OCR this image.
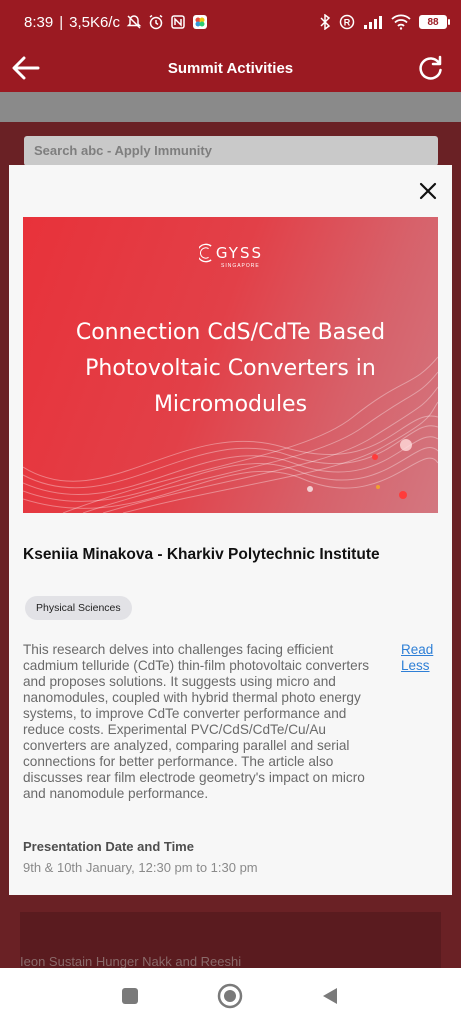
8:39 | 3,5K6/c	R	88
Summit Activities
Search abc - Apply Immunity
Ieon Sustain Hunger Nakk and Reeshi
GYSS
SINGAPORE
Connection CdS/CdTe Based Photovoltaic Converters in Micromodules
Kseniia Minakova - Kharkiv Polytechnic Institute
Physical Sciences
This research delves into challenges facing efficient cadmium telluride (CdTe) thin-film photovoltaic converters and proposes solutions. It suggests using micro and nanomodules, coupled with hybrid thermal photo energy systems, to improve CdTe converter performance and reduce costs. Experimental PVC/CdS/CdTe/Cu/Au converters are analyzed, comparing parallel and serial connections for better performance. The article also discusses rear film electrode geometry's impact on micro and nanomodule performance.
Read Less
Presentation Date and Time
9th & 10th January, 12:30 pm to 1:30 pm
